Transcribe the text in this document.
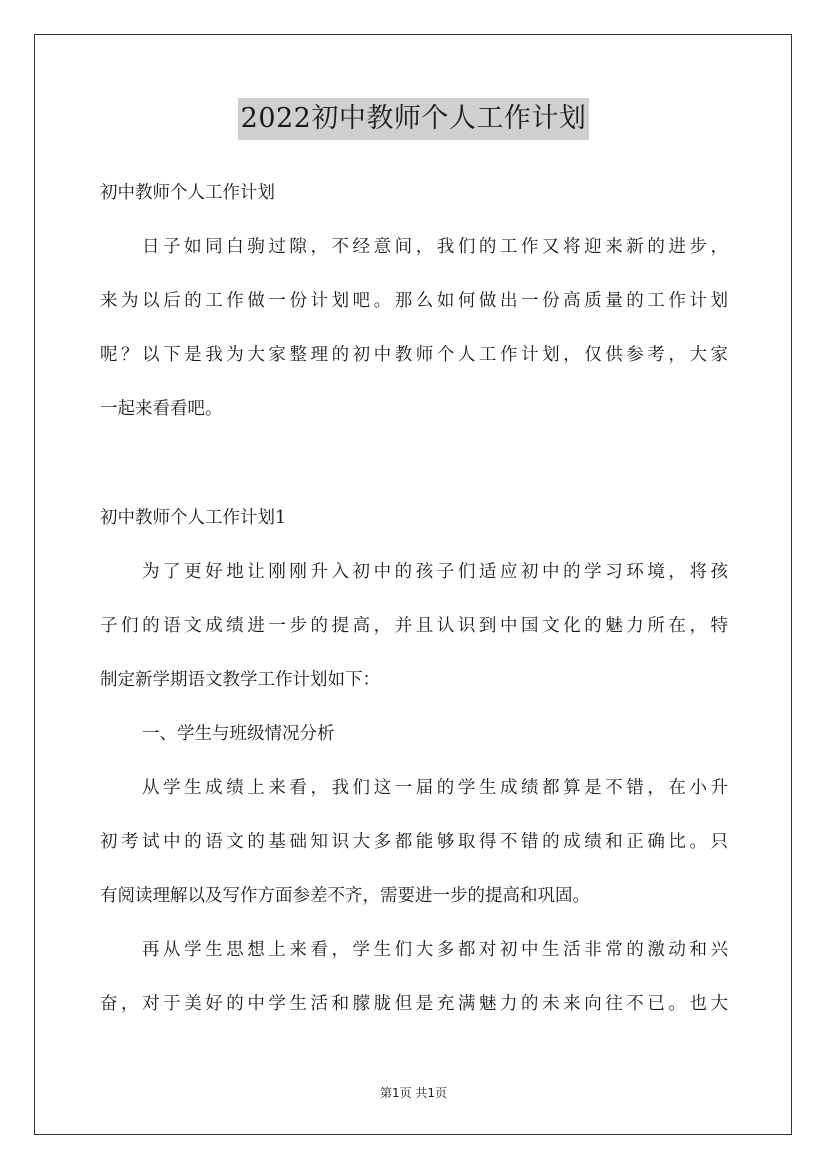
2022初中教师个人工作计划
初中教师个人工作计划
日子如同白驹过隙，不经意间，我们的工作又将迎来新的进步，
来为以后的工作做一份计划吧。那么如何做出一份高质量的工作计划
呢？以下是我为大家整理的初中教师个人工作计划，仅供参考，大家
一起来看看吧。
初中教师个人工作计划1
为了更好地让刚刚升入初中的孩子们适应初中的学习环境，将孩
子们的语文成绩进一步的提高，并且认识到中国文化的魅力所在，特
制定新学期语文教学工作计划如下：
一、学生与班级情况分析
从学生成绩上来看，我们这一届的学生成绩都算是不错，在小升
初考试中的语文的基础知识大多都能够取得不错的成绩和正确比。只
有阅读理解以及写作方面参差不齐，需要进一步的提高和巩固。
再从学生思想上来看，学生们大多都对初中生活非常的激动和兴
奋，对于美好的中学生活和朦胧但是充满魅力的未来向往不已。也大
第1页 共1页
